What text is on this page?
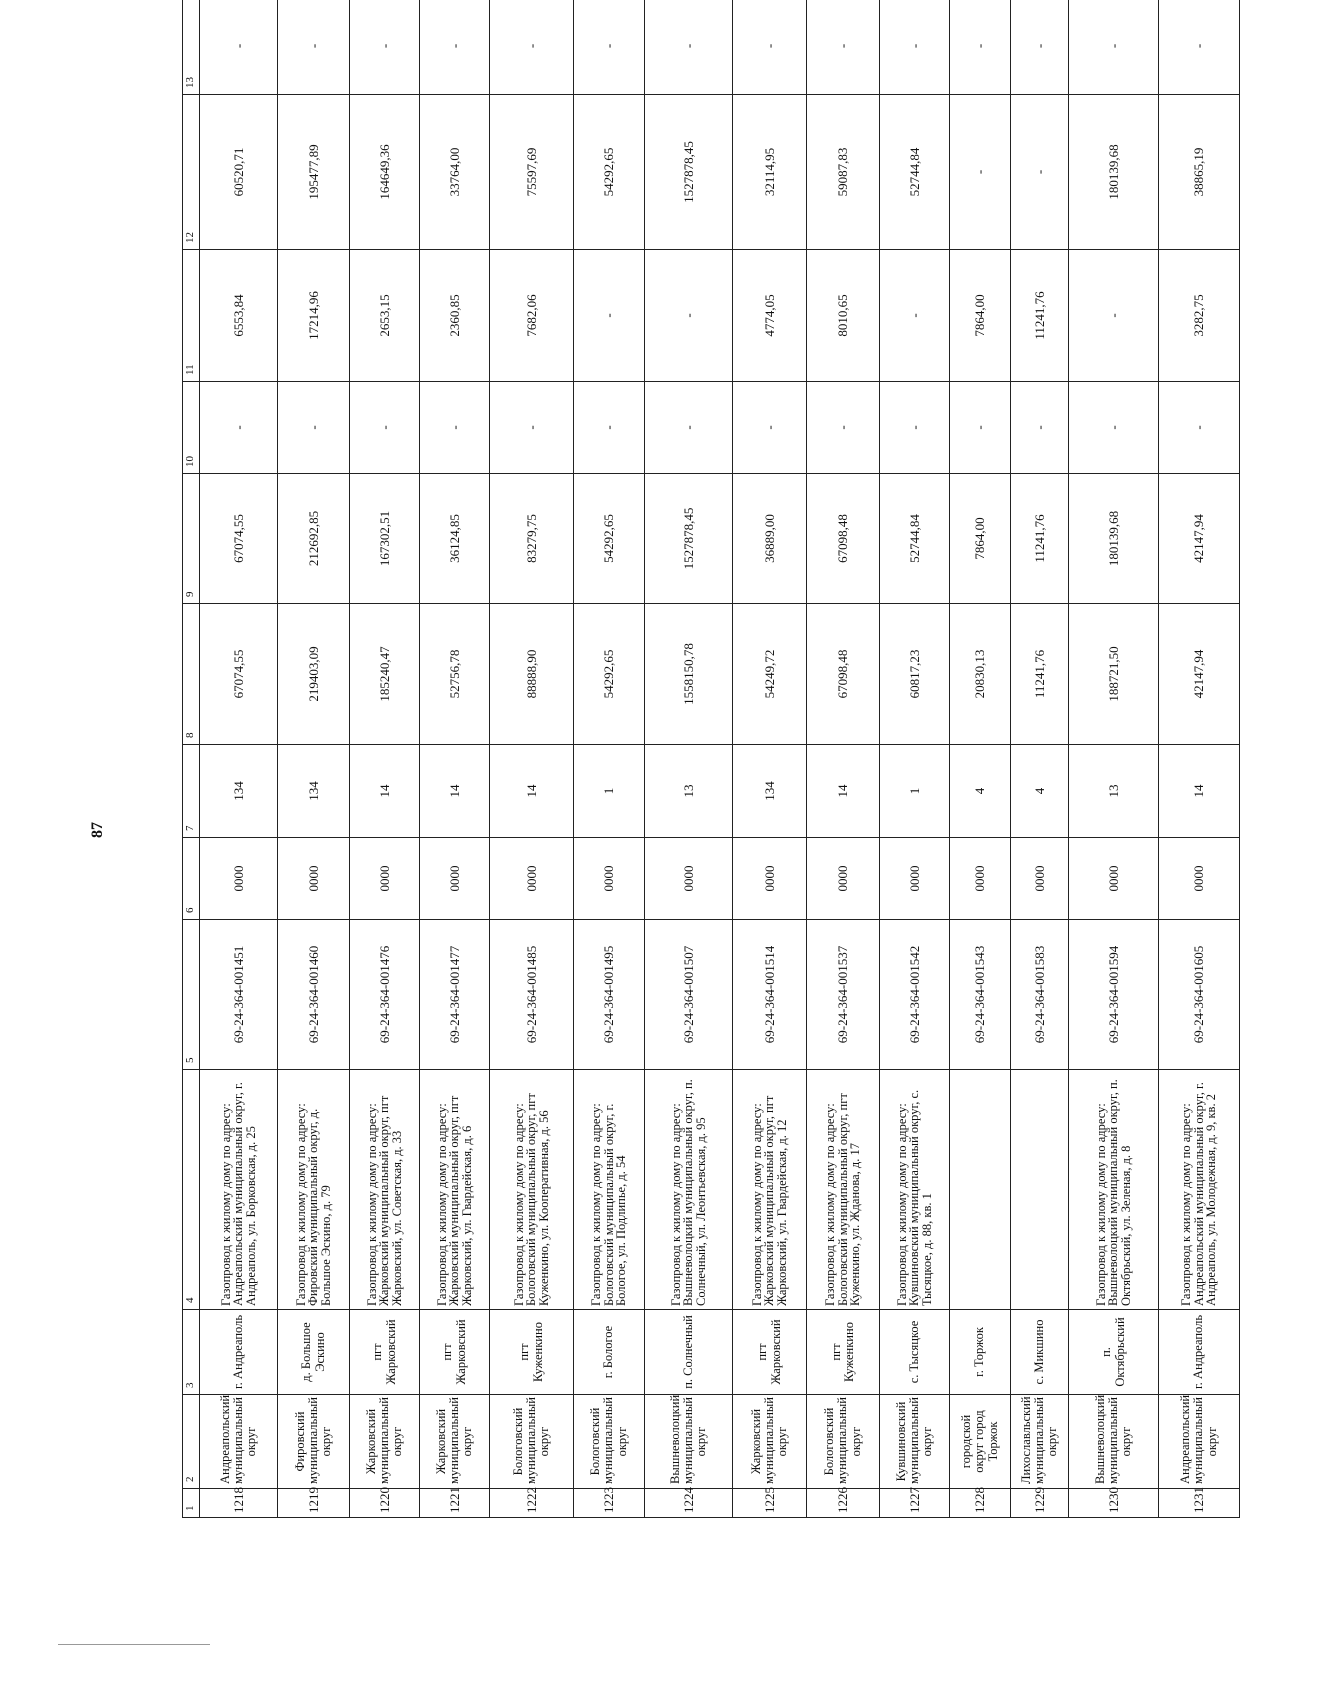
87
1	2	3	4	5	6	7	8	9	10	11	12	13
1218	Андреапольский муниципальный округ	г. Андреаполь	Газопровод к жилому дому по адресу: Андреапольский муниципальный округ, г. Андреаполь, ул. Борковская, д. 25	69-24-364-001451	0000	134	67074,55	67074,55	-	6553,84	60520,71	-
1219	Фировский муниципальный округ	д. Большое Эскино	Газопровод к жилому дому по адресу: Фировский муниципальный округ, д. Большое Эскино, д. 79	69-24-364-001460	0000	134	219403,09	212692,85	-	17214,96	195477,89	-
1220	Жарковский муниципальный округ	пгт Жарковский	Газопровод к жилому дому по адресу: Жарковский муниципальный округ, пгт Жарковский, ул. Советская, д. 33	69-24-364-001476	0000	14	185240,47	167302,51	-	2653,15	164649,36	-
1221	Жарковский муниципальный округ	пгт Жарковский	Газопровод к жилому дому по адресу: Жарковский муниципальный округ, пгт Жарковский, ул. Гвардейская, д. 6	69-24-364-001477	0000	14	52756,78	36124,85	-	2360,85	33764,00	-
1222	Бологовский муниципальный округ	пгт Куженкино	Газопровод к жилому дому по адресу: Бологовский муниципальный округ, пгт Куженкино, ул. Кооперативная, д. 56	69-24-364-001485	0000	14	88888,90	83279,75	-	7682,06	75597,69	-
1223	Бологовский муниципальный округ	г. Бологое	Газопровод к жилому дому по адресу: Бологовский муниципальный округ, г. Бологое, ул. Подлипье, д. 54	69-24-364-001495	0000	1	54292,65	54292,65	-	-	54292,65	-
1224	Вышневолоцкий муниципальный округ	п. Солнечный	Газопровод к жилому дому по адресу: Вышневолоцкий муниципальный округ, п. Солнечный, ул. Леонтьевская, д. 95	69-24-364-001507	0000	13	1558150,78	1527878,45	-	-	1527878,45	-
1225	Жарковский муниципальный округ	пгт Жарковский	Газопровод к жилому дому по адресу: Жарковский муниципальный округ, пгт Жарковский, ул. Гвардейская, д. 12	69-24-364-001514	0000	134	54249,72	36889,00	-	4774,05	32114,95	-
1226	Бологовский муниципальный округ	пгт Куженкино	Газопровод к жилому дому по адресу: Бологовский муниципальный округ, пгт Куженкино, ул. Жданова, д. 17	69-24-364-001537	0000	14	67098,48	67098,48	-	8010,65	59087,83	-
1227	Кувшиновский муниципальный округ	с. Тысяцкое	Газопровод к жилому дому по адресу: Кувшиновский муниципальный округ, с. Тысяцкое, д. 88, кв. 1	69-24-364-001542	0000	1	60817,23	52744,84	-	-	52744,84	-
1228	городской округ город Торжок	г. Торжок		69-24-364-001543	0000	4	20830,13	7864,00	-	7864,00	-	-
1229	Лихославльский муниципальный округ	с. Микшино		69-24-364-001583	0000	4	11241,76	11241,76	-	11241,76	-	-
1230	Вышневолоцкий муниципальный округ	п. Октябрьский	Газопровод к жилому дому по адресу: Вышневолоцкий муниципальный округ, п. Октябрьский, ул. Зеленая, д. 8	69-24-364-001594	0000	13	188721,50	180139,68	-	-	180139,68	-
1231	Андреапольский муниципальный округ	г. Андреаполь	Газопровод к жилому дому по адресу: Андреапольский муниципальный округ, г. Андреаполь, ул. Молодежная, д. 9, кв. 2	69-24-364-001605	0000	14	42147,94	42147,94	-	3282,75	38865,19	-
